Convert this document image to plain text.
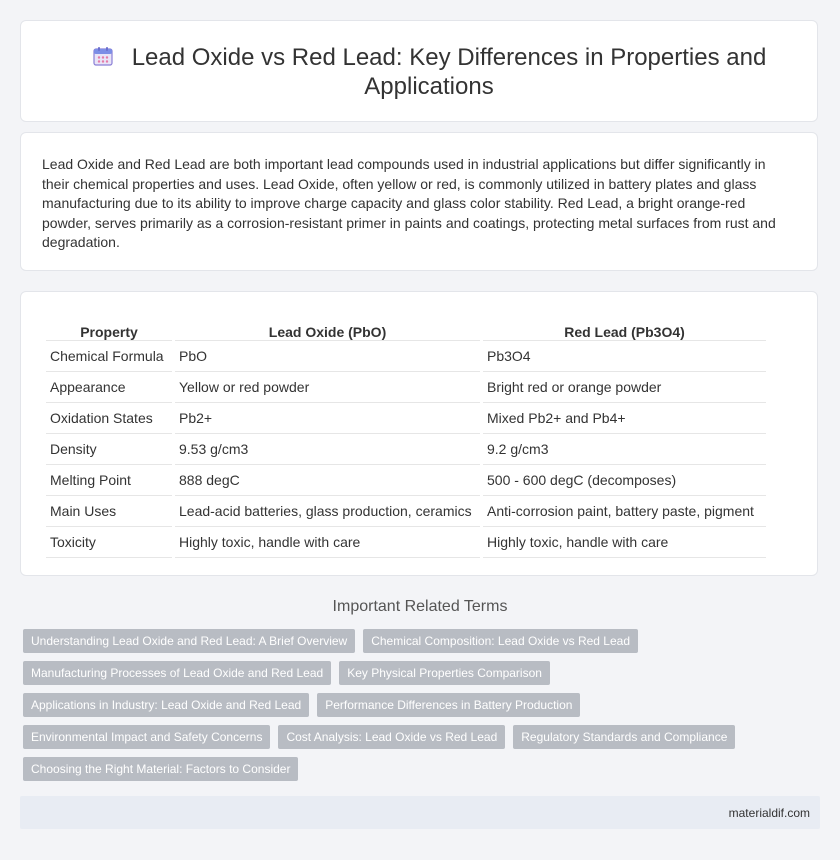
Lead Oxide vs Red Lead: Key Differences in Properties and Applications

Lead Oxide and Red Lead are both important lead compounds used in industrial applications but differ significantly in their chemical properties and uses. Lead Oxide, often yellow or red, is commonly utilized in battery plates and glass manufacturing due to its ability to improve charge capacity and glass color stability. Red Lead, a bright orange-red powder, serves primarily as a corrosion-resistant primer in paints and coatings, protecting metal surfaces from rust and degradation.

Property	Lead Oxide (PbO)	Red Lead (Pb3O4)
Chemical Formula	PbO	Pb3O4
Appearance	Yellow or red powder	Bright red or orange powder
Oxidation States	Pb2+	Mixed Pb2+ and Pb4+
Density	9.53 g/cm3	9.2 g/cm3
Melting Point	888 degC	500 - 600 degC (decomposes)
Main Uses	Lead-acid batteries, glass production, ceramics	Anti-corrosion paint, battery paste, pigment
Toxicity	Highly toxic, handle with care	Highly toxic, handle with care
Important Related Terms
Understanding Lead Oxide and Red Lead: A Brief Overview	Chemical Composition: Lead Oxide vs Red Lead
Manufacturing Processes of Lead Oxide and Red Lead	Key Physical Properties Comparison
Applications in Industry: Lead Oxide and Red Lead	Performance Differences in Battery Production
Environmental Impact and Safety Concerns	Cost Analysis: Lead Oxide vs Red Lead	Regulatory Standards and Compliance
Choosing the Right Material: Factors to Consider
materialdif.com
